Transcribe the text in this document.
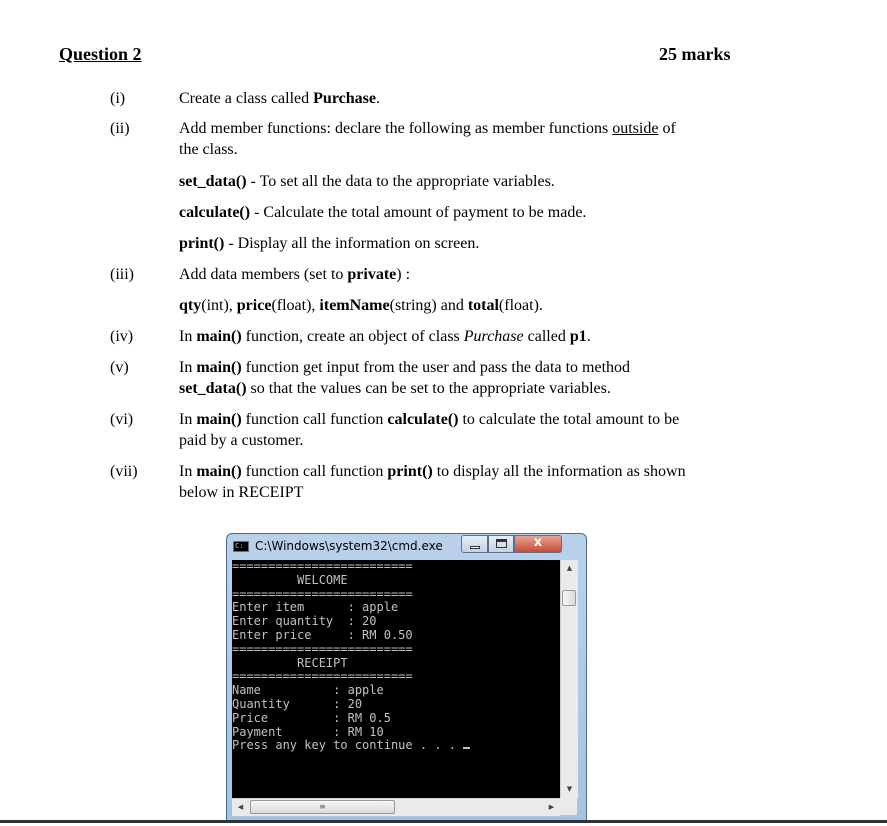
Question 2	25 marks
(i)	Create a class called Purchase.
(ii)	Add member functions: declare the following as member functions outside of
the class.
set_data() - To set all the data to the appropriate variables.
calculate() - Calculate the total amount of payment to be made.
print() - Display all the information on screen.
(iii)	Add data members (set to private) :
qty(int), price(float), itemName(string) and total(float).
(iv)	In main() function, create an object of class Purchase called p1.
(v)	In main() function get input from the user and pass the data to method
set_data() so that the values can be set to the appropriate variables.
(vi)	In main() function call function calculate() to calculate the total amount to be
paid by a customer.
(vii)	In main() function call function print() to display all the information as shown
below in RECEIPT
C: C:\Windows\system32\cmd.exe	x
=========================
WELCOME
=========================
Enter item      : apple
Enter quantity  : 20
Enter price     : RM 0.50
=========================
RECEIPT
=========================
Name          : apple
Quantity      : 20
Price         : RM 0.5
Payment       : RM 10
Press any key to continue . . .
▲
▼
◀	≡	▶
